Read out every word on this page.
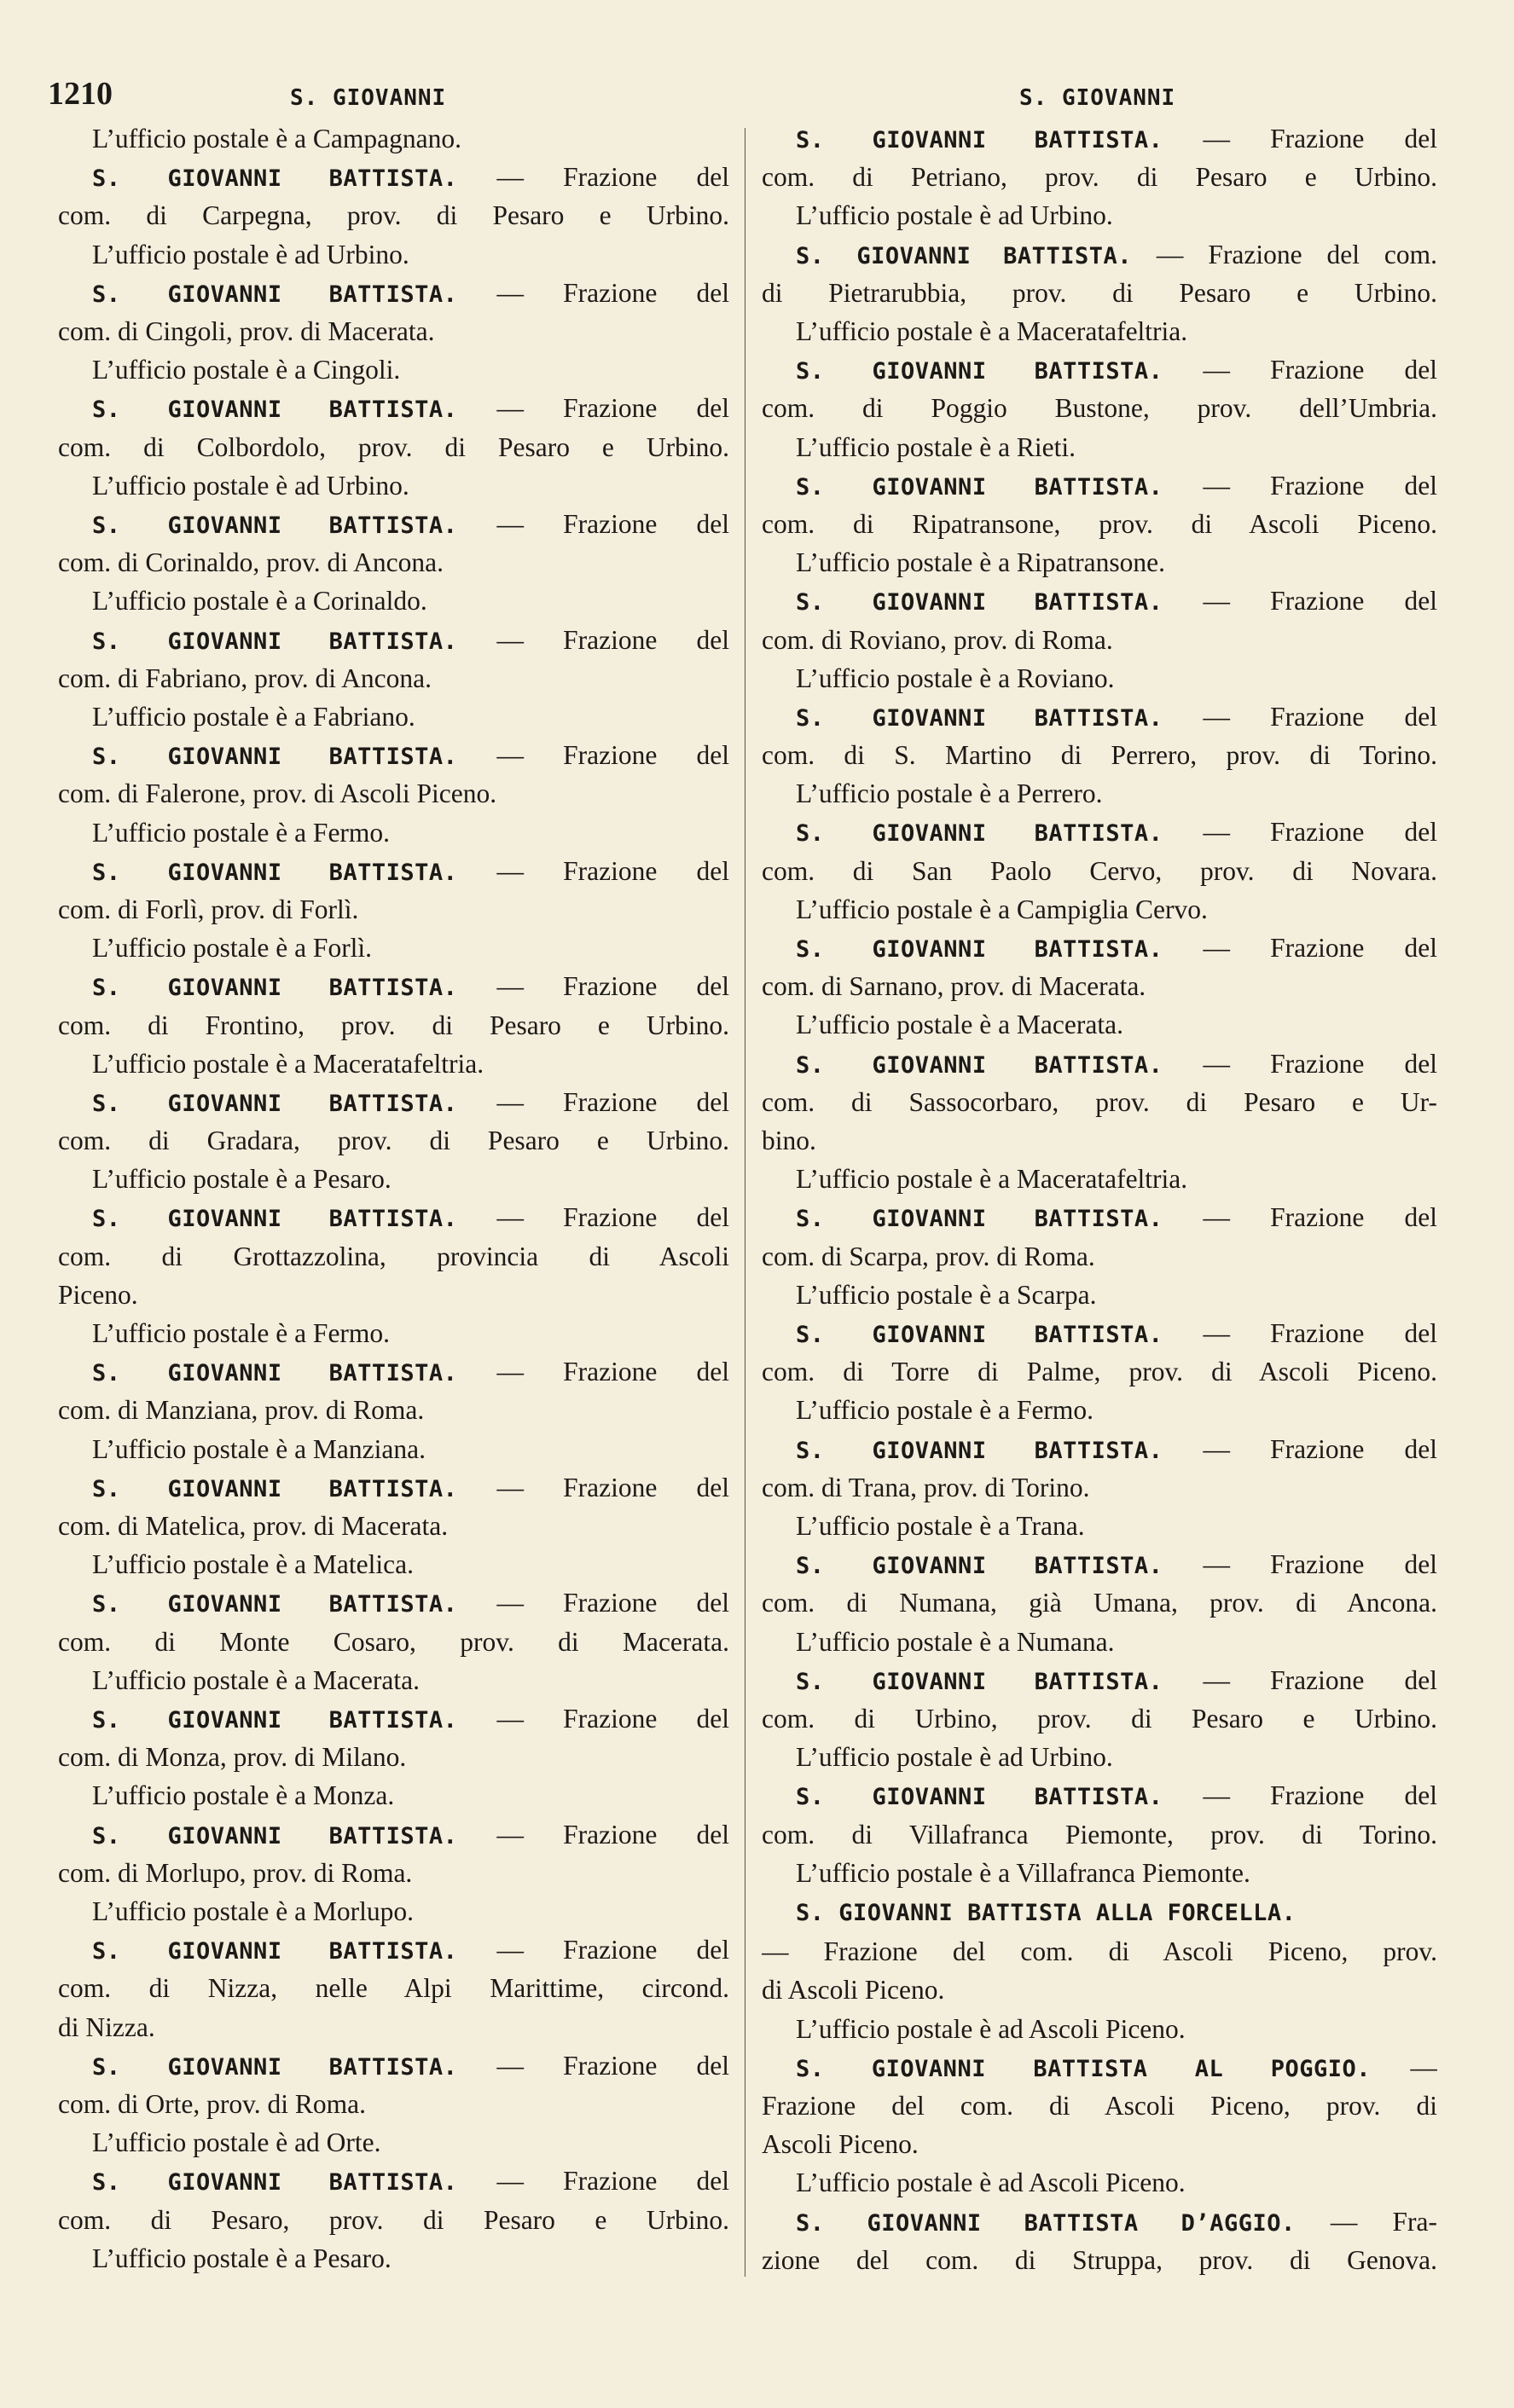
1210	S. GIOVANNI	S. GIOVANNI
L’ufficio postale è a Campagnano.
S. GIOVANNI BATTISTA. — Frazione del
com. di Carpegna, prov. di Pesaro e Urbino.
L’ufficio postale è ad Urbino.
S. GIOVANNI BATTISTA. — Frazione del
com. di Cingoli, prov. di Macerata.
L’ufficio postale è a Cingoli.
S. GIOVANNI BATTISTA. — Frazione del
com. di Colbordolo, prov. di Pesaro e Urbino.
L’ufficio postale è ad Urbino.
S. GIOVANNI BATTISTA. — Frazione del
com. di Corinaldo, prov. di Ancona.
L’ufficio postale è a Corinaldo.
S. GIOVANNI BATTISTA. — Frazione del
com. di Fabriano, prov. di Ancona.
L’ufficio postale è a Fabriano.
S. GIOVANNI BATTISTA. — Frazione del
com. di Falerone, prov. di Ascoli Piceno.
L’ufficio postale è a Fermo.
S. GIOVANNI BATTISTA. — Frazione del
com. di Forlì, prov. di Forlì.
L’ufficio postale è a Forlì.
S. GIOVANNI BATTISTA. — Frazione del
com. di Frontino, prov. di Pesaro e Urbino.
L’ufficio postale è a Maceratafeltria.
S. GIOVANNI BATTISTA. — Frazione del
com. di Gradara, prov. di Pesaro e Urbino.
L’ufficio postale è a Pesaro.
S. GIOVANNI BATTISTA. — Frazione del
com. di Grottazzolina, provincia di Ascoli
Piceno.
L’ufficio postale è a Fermo.
S. GIOVANNI BATTISTA. — Frazione del
com. di Manziana, prov. di Roma.
L’ufficio postale è a Manziana.
S. GIOVANNI BATTISTA. — Frazione del
com. di Matelica, prov. di Macerata.
L’ufficio postale è a Matelica.
S. GIOVANNI BATTISTA. — Frazione del
com. di Monte Cosaro, prov. di Macerata.
L’ufficio postale è a Macerata.
S. GIOVANNI BATTISTA. — Frazione del
com. di Monza, prov. di Milano.
L’ufficio postale è a Monza.
S. GIOVANNI BATTISTA. — Frazione del
com. di Morlupo, prov. di Roma.
L’ufficio postale è a Morlupo.
S. GIOVANNI BATTISTA. — Frazione del
com. di Nizza, nelle Alpi Marittime, circond.
di Nizza.
S. GIOVANNI BATTISTA. — Frazione del
com. di Orte, prov. di Roma.
L’ufficio postale è ad Orte.
S. GIOVANNI BATTISTA. — Frazione del
com. di Pesaro, prov. di Pesaro e Urbino.
L’ufficio postale è a Pesaro.
S. GIOVANNI BATTISTA. — Frazione del
com. di Petriano, prov. di Pesaro e Urbino.
L’ufficio postale è ad Urbino.
S. GIOVANNI BATTISTA. — Frazione del com.
di Pietrarubbia, prov. di Pesaro e Urbino.
L’ufficio postale è a Maceratafeltria.
S. GIOVANNI BATTISTA. — Frazione del
com. di Poggio Bustone, prov. dell’Umbria.
L’ufficio postale è a Rieti.
S. GIOVANNI BATTISTA. — Frazione del
com. di Ripatransone, prov. di Ascoli Piceno.
L’ufficio postale è a Ripatransone.
S. GIOVANNI BATTISTA. — Frazione del
com. di Roviano, prov. di Roma.
L’ufficio postale è a Roviano.
S. GIOVANNI BATTISTA. — Frazione del
com. di S. Martino di Perrero, prov. di Torino.
L’ufficio postale è a Perrero.
S. GIOVANNI BATTISTA. — Frazione del
com. di San Paolo Cervo, prov. di Novara.
L’ufficio postale è a Campiglia Cervo.
S. GIOVANNI BATTISTA. — Frazione del
com. di Sarnano, prov. di Macerata.
L’ufficio postale è a Macerata.
S. GIOVANNI BATTISTA. — Frazione del
com. di Sassocorbaro, prov. di Pesaro e Ur-
bino.
L’ufficio postale è a Maceratafeltria.
S. GIOVANNI BATTISTA. — Frazione del
com. di Scarpa, prov. di Roma.
L’ufficio postale è a Scarpa.
S. GIOVANNI BATTISTA. — Frazione del
com. di Torre di Palme, prov. di Ascoli Piceno.
L’ufficio postale è a Fermo.
S. GIOVANNI BATTISTA. — Frazione del
com. di Trana, prov. di Torino.
L’ufficio postale è a Trana.
S. GIOVANNI BATTISTA. — Frazione del
com. di Numana, già Umana, prov. di Ancona.
L’ufficio postale è a Numana.
S. GIOVANNI BATTISTA. — Frazione del
com. di Urbino, prov. di Pesaro e Urbino.
L’ufficio postale è ad Urbino.
S. GIOVANNI BATTISTA. — Frazione del
com. di Villafranca Piemonte, prov. di Torino.
L’ufficio postale è a Villafranca Piemonte.
S. GIOVANNI BATTISTA ALLA FORCELLA.
— Frazione del com. di Ascoli Piceno, prov.
di Ascoli Piceno.
L’ufficio postale è ad Ascoli Piceno.
S. GIOVANNI BATTISTA AL POGGIO. —
Frazione del com. di Ascoli Piceno, prov. di
Ascoli Piceno.
L’ufficio postale è ad Ascoli Piceno.
S. GIOVANNI BATTISTA D’AGGIO. — Fra-
zione del com. di Struppa, prov. di Genova.
